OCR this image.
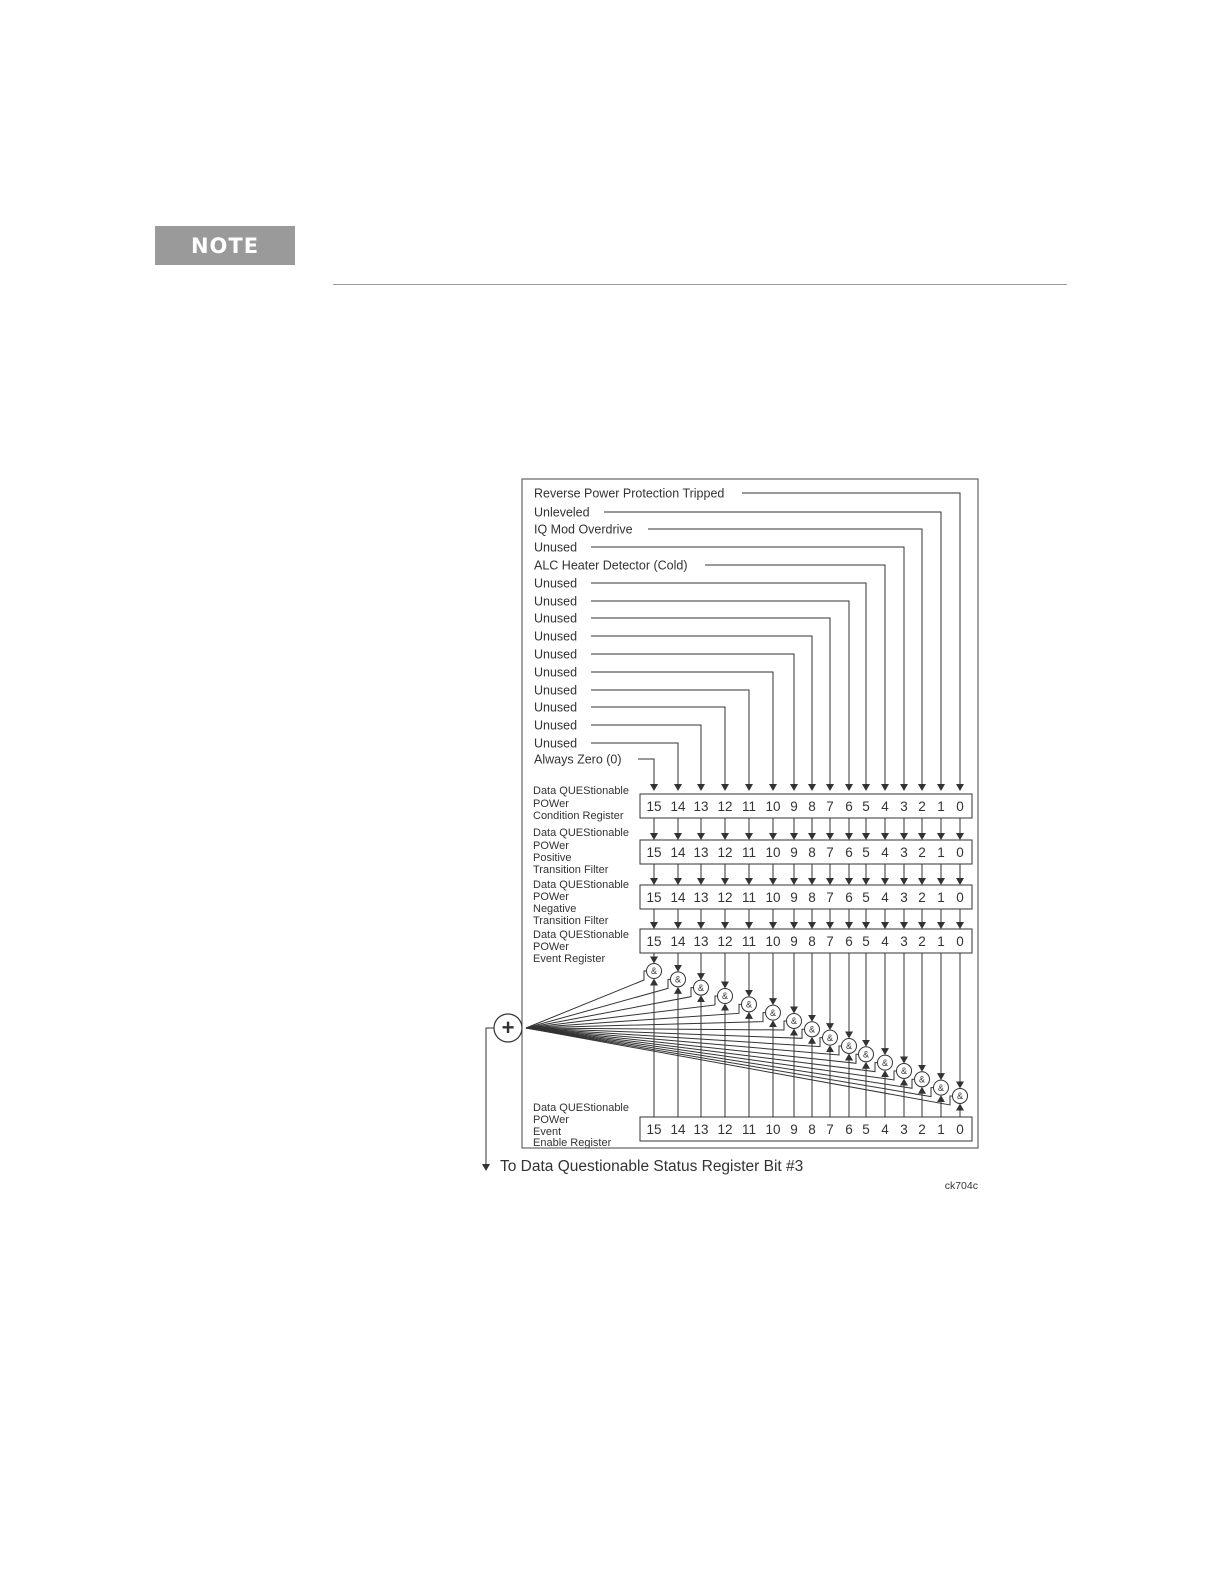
NOTE
Reverse Power Protection Tripped
Unleveled
IQ Mod Overdrive
Unused
ALC Heater Detector (Cold)
Unused
Unused
Unused
Unused
Unused
Unused
Unused
Unused
Unused
Unused
Always Zero (0)
Data QUEStionable
POWer
Condition Register
15 14 13 12 11 10 9 8 7 6 5 4 3 2 1 0
Data QUEStionable
POWer
Positive
Transition Filter
15 14 13 12 11 10 9 8 7 6 5 4 3 2 1 0
Data QUEStionable
POWer
Negative
Transition Filter
15 14 13 12 11 10 9 8 7 6 5 4 3 2 1 0
Data QUEStionable
POWer
Event Register
15 14 13 12 11 10 9 8 7 6 5 4 3 2 1 0
Data QUEStionable
POWer
Event
Enable Register
15 14 13 12 11 10 9 8 7 6 5 4 3 2 1 0
&
&
&
&
&
&
&
&
&
&
&
&
&
&
&
&
+
To Data Questionable Status Register Bit #3
ck704c
